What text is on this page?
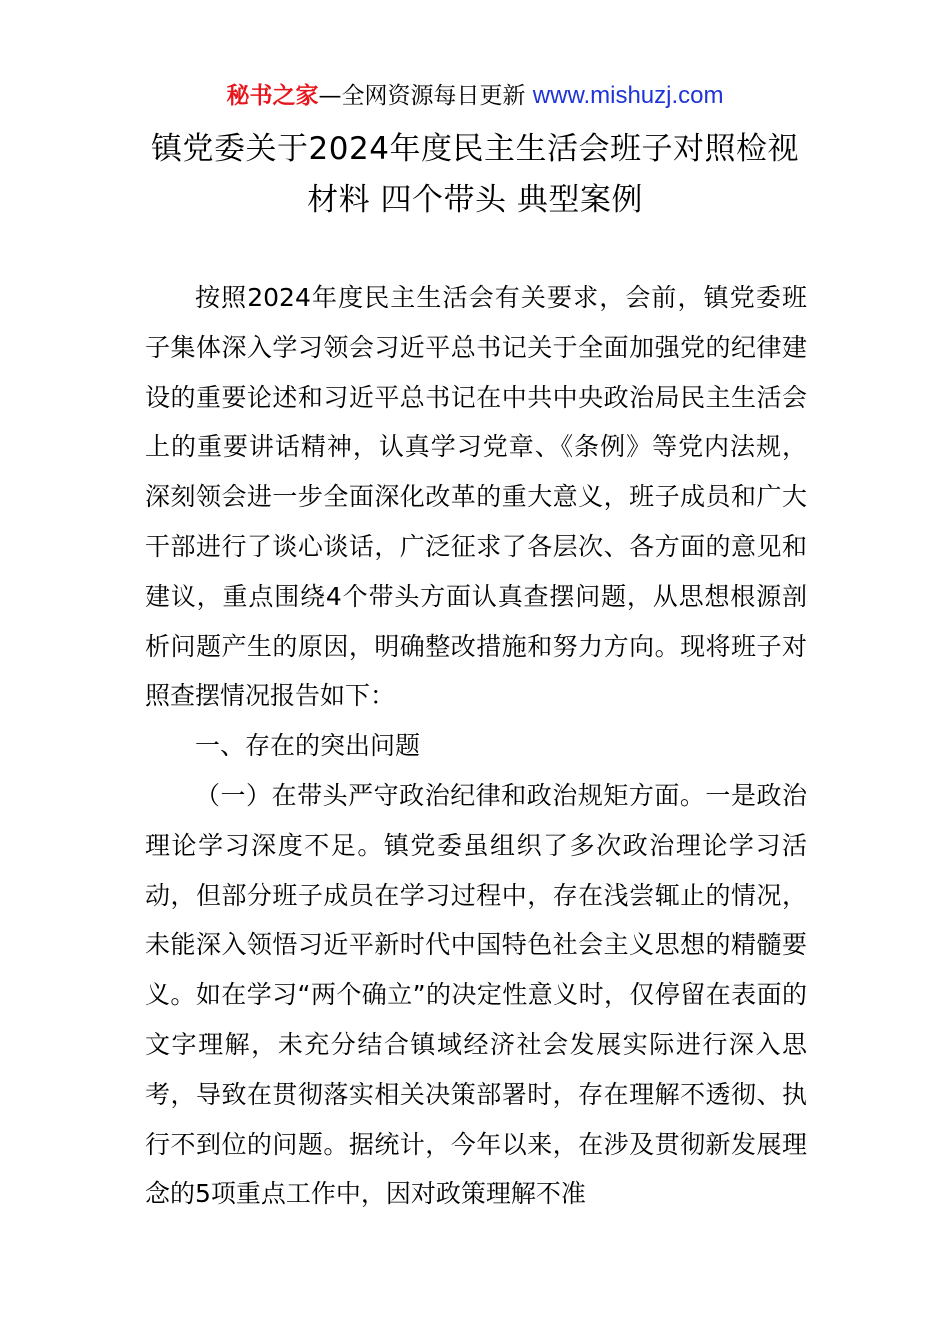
秘书之家—全网资源每日更新 www.mishuzj.com
镇党委关于2024年度民主生活会班子对照检视
材料 四个带头 典型案例

按照2024年度民主生活会有关要求，会前，镇党委班子集体深入学习领会习近平总书记关于全面加强党的纪律建设的重要论述和习近平总书记在中共中央政治局民主生活会上的重要讲话精神，认真学习党章、《条例》等党内法规，深刻领会进一步全面深化改革的重大意义，班子成员和广大干部进行了谈心谈话，广泛征求了各层次、各方面的意见和建议，重点围绕4个带头方面认真查摆问题，从思想根源剖析问题产生的原因，明确整改措施和努力方向。现将班子对照查摆情况报告如下：

一、存在的突出问题

（一）在带头严守政治纪律和政治规矩方面。一是政治理论学习深度不足。镇党委虽组织了多次政治理论学习活动，但部分班子成员在学习过程中，存在浅尝辄止的情况，未能深入领悟习近平新时代中国特色社会主义思想的精髓要义。如在学习“两个确立”的决定性意义时，仅停留在表面的文字理解，未充分结合镇域经济社会发展实际进行深入思考，导致在贯彻落实相关决策部署时，存在理解不透彻、执行不到位的问题。据统计，今年以来，在涉及贯彻新发展理念的5项重点工作中，因对政策理解不准
